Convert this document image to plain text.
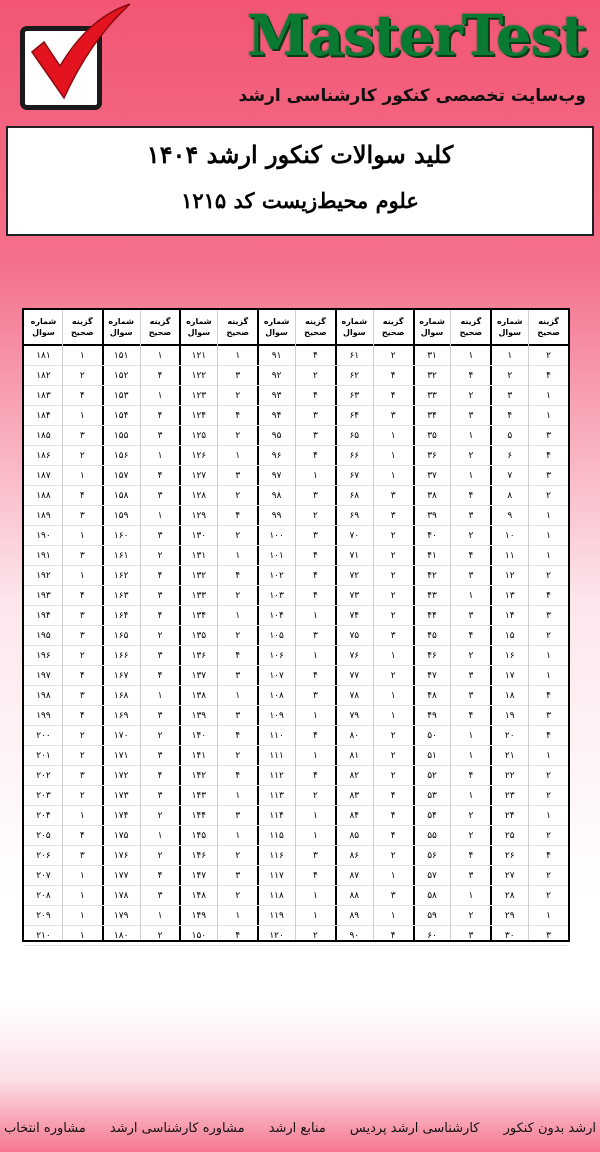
MasterTest
وب‌سایت تخصصی کنکور کارشناسی ارشد
کلید سوالات کنکور ارشد ۱۴۰۴
علوم محیط‌زیست کد ۱۲۱۵
گزینه صحیح
۲
۴
۱
۱
۳
۴
۳
۲
۱
۱
۱
۲
۴
۳
۲
۱
۱
۴
۳
۴
۱
۲
۲
۱
۲
۴
۲
۲
۱
۳
شماره سوال
۱
۲
۳
۴
۵
۶
۷
۸
۹
۱۰
۱۱
۱۲
۱۳
۱۴
۱۵
۱۶
۱۷
۱۸
۱۹
۲۰
۲۱
۲۲
۲۳
۲۴
۲۵
۲۶
۲۷
۲۸
۲۹
۳۰
گزینه صحیح
۱
۴
۲
۳
۱
۲
۱
۴
۳
۲
۴
۳
۱
۳
۴
۲
۳
۳
۴
۱
۱
۴
۱
۲
۲
۴
۳
۱
۲
۳
شماره سوال
۳۱
۳۲
۳۳
۳۴
۳۵
۳۶
۳۷
۳۸
۳۹
۴۰
۴۱
۴۲
۴۳
۴۴
۴۵
۴۶
۴۷
۴۸
۴۹
۵۰
۵۱
۵۲
۵۳
۵۴
۵۵
۵۶
۵۷
۵۸
۵۹
۶۰
گزینه صحیح
۲
۴
۴
۳
۱
۱
۱
۳
۳
۲
۲
۲
۲
۲
۳
۱
۲
۱
۱
۲
۲
۲
۴
۴
۴
۲
۱
۳
۱
۴
شماره سوال
۶۱
۶۲
۶۳
۶۴
۶۵
۶۶
۶۷
۶۸
۶۹
۷۰
۷۱
۷۲
۷۳
۷۴
۷۵
۷۶
۷۷
۷۸
۷۹
۸۰
۸۱
۸۲
۸۳
۸۴
۸۵
۸۶
۸۷
۸۸
۸۹
۹۰
گزینه صحیح
۴
۲
۴
۳
۳
۴
۱
۳
۲
۳
۴
۴
۴
۱
۳
۱
۴
۳
۱
۴
۱
۴
۲
۱
۱
۳
۴
۱
۱
۲
شماره سوال
۹۱
۹۲
۹۳
۹۴
۹۵
۹۶
۹۷
۹۸
۹۹
۱۰۰
۱۰۱
۱۰۲
۱۰۳
۱۰۴
۱۰۵
۱۰۶
۱۰۷
۱۰۸
۱۰۹
۱۱۰
۱۱۱
۱۱۲
۱۱۳
۱۱۴
۱۱۵
۱۱۶
۱۱۷
۱۱۸
۱۱۹
۱۲۰
گزینه صحیح
۱
۳
۲
۴
۲
۱
۳
۲
۴
۲
۱
۴
۲
۱
۲
۴
۳
۱
۳
۴
۲
۴
۱
۳
۱
۲
۳
۲
۱
۴
شماره سوال
۱۲۱
۱۲۲
۱۲۳
۱۲۴
۱۲۵
۱۲۶
۱۲۷
۱۲۸
۱۲۹
۱۳۰
۱۳۱
۱۳۲
۱۳۳
۱۳۴
۱۳۵
۱۳۶
۱۳۷
۱۳۸
۱۳۹
۱۴۰
۱۴۱
۱۴۲
۱۴۳
۱۴۴
۱۴۵
۱۴۶
۱۴۷
۱۴۸
۱۴۹
۱۵۰
گزینه صحیح
۱
۴
۱
۴
۳
۱
۴
۳
۱
۳
۲
۴
۳
۴
۲
۳
۴
۱
۳
۲
۳
۴
۳
۲
۱
۲
۴
۳
۱
۲
شماره سوال
۱۵۱
۱۵۲
۱۵۳
۱۵۴
۱۵۵
۱۵۶
۱۵۷
۱۵۸
۱۵۹
۱۶۰
۱۶۱
۱۶۲
۱۶۳
۱۶۴
۱۶۵
۱۶۶
۱۶۷
۱۶۸
۱۶۹
۱۷۰
۱۷۱
۱۷۲
۱۷۳
۱۷۴
۱۷۵
۱۷۶
۱۷۷
۱۷۸
۱۷۹
۱۸۰
گزینه صحیح
۱
۲
۴
۱
۳
۲
۱
۴
۳
۱
۳
۱
۴
۳
۳
۲
۴
۳
۴
۲
۲
۳
۲
۱
۴
۳
۱
۱
۱
۱
شماره سوال
۱۸۱
۱۸۲
۱۸۳
۱۸۴
۱۸۵
۱۸۶
۱۸۷
۱۸۸
۱۸۹
۱۹۰
۱۹۱
۱۹۲
۱۹۳
۱۹۴
۱۹۵
۱۹۶
۱۹۷
۱۹۸
۱۹۹
۲۰۰
۲۰۱
۲۰۲
۲۰۳
۲۰۴
۲۰۵
۲۰۶
۲۰۷
۲۰۸
۲۰۹
۲۱۰
ارشد بدون کنکور
کارشناسی ارشد پردیس
منابع ارشد
مشاوره کارشناسی ارشد
مشاوره انتخاب
